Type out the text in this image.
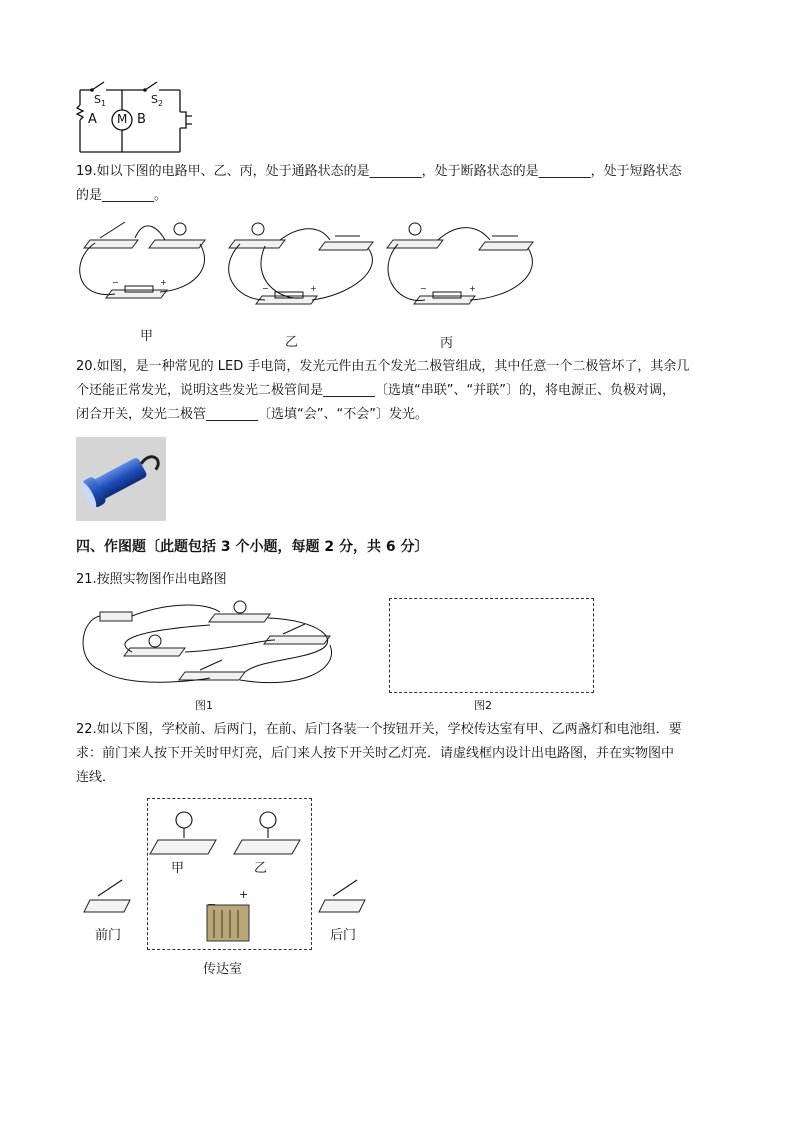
$S_1$	$S_2$
A M B
19.如以下图的电路甲、乙、丙，处于通路状态的是________，处于断路状态的是________，处于短路状态
的是________。
−	+
−	+	−	+
甲	乙	丙
20.如图，是一种常见的 LED 手电筒，发光元件由五个发光二极管组成，其中任意一个二极管坏了，其余几
个还能正常发光，说明这些发光二极管间是________〔选填“串联”、“并联”〕的，将电源正、负极对调，
闭合开关，发光二极管________〔选填“会”、“不会”〕发光。
四、作图题〔此题包括 3 个小题，每题 2 分，共 6 分〕
21.按照实物图作出电路图
图1	图2
22.如以下图，学校前、后两门，在前、后门各装一个按钮开关，学校传达室有甲、乙两盏灯和电池组．要
求：前门来人按下开关时甲灯亮，后门来人按下开关时乙灯亮．请虚线框内设计出电路图，并在实物图中
连线．
−
+
甲	乙
前门	后门
传达室
